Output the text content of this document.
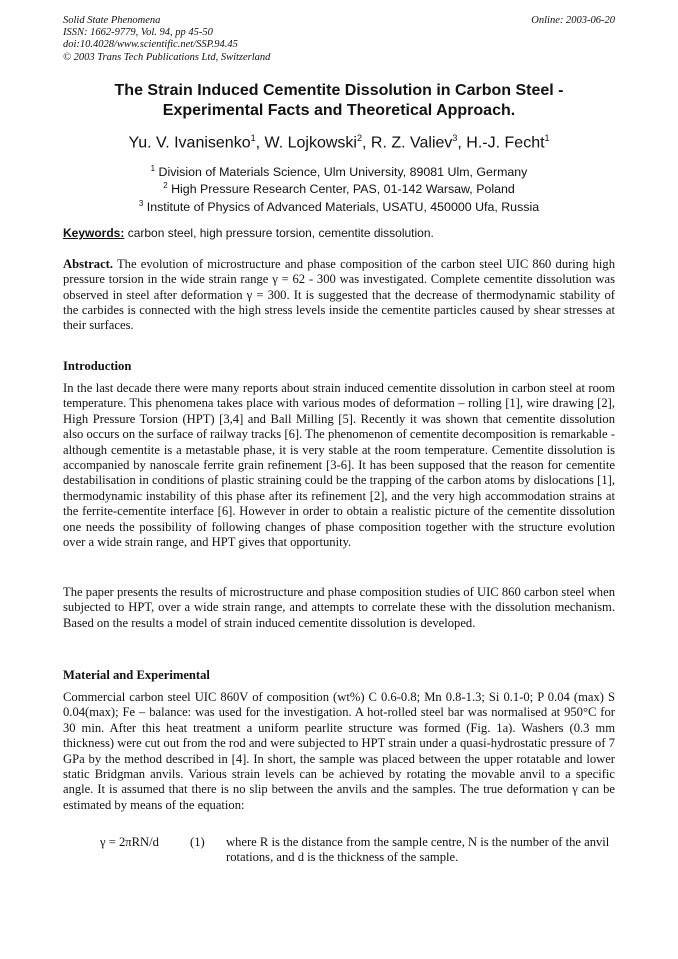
Solid State Phenomena
ISSN: 1662-9779, Vol. 94, pp 45-50
doi:10.4028/www.scientific.net/SSP.94.45
© 2003 Trans Tech Publications Ltd, Switzerland
Online: 2003-06-20
The Strain Induced Cementite Dissolution in Carbon Steel -
Experimental Facts and Theoretical Approach.
Yu. V. Ivanisenko$^1$, W. Lojkowski$^2$, R. Z. Valiev$^3$, H.-J. Fecht$^1$
$^1$ Division of Materials Science, Ulm University, 89081 Ulm, Germany
$^2$ High Pressure Research Center, PAS, 01-142 Warsaw, Poland
$^3$ Institute of Physics of Advanced Materials, USATU, 450000 Ufa, Russia
Keywords: carbon steel, high pressure torsion, cementite dissolution.
Abstract. The evolution of microstructure and phase composition of the carbon steel UIC 860 during high pressure torsion in the wide strain range γ = 62 - 300 was investigated. Complete cementite dissolution was observed in steel after deformation γ = 300. It is suggested that the decrease of thermodynamic stability of the carbides is connected with the high stress levels inside the cementite particles caused by shear stresses at their surfaces.
Introduction
In the last decade there were many reports about strain induced cementite dissolution in carbon steel at room temperature. This phenomena takes place with various modes of deformation – rolling [1], wire drawing [2], High Pressure Torsion (HPT) [3,4] and Ball Milling [5]. Recently it was shown that cementite dissolution also occurs on the surface of railway tracks [6]. The phenomenon of cementite decomposition is remarkable -although cementite is a metastable phase, it is very stable at the room temperature. Cementite dissolution is accompanied by nanoscale ferrite grain refinement [3-6]. It has been supposed that the reason for cementite destabilisation in conditions of plastic straining could be the trapping of the carbon atoms by dislocations [1], thermodynamic instability of this phase after its refinement [2], and the very high accommodation strains at the ferrite-cementite interface [6]. However in order to obtain a realistic picture of the cementite dissolution one needs the possibility of following changes of phase composition together with the structure evolution over a wide strain range, and HPT gives that opportunity.
The paper presents the results of microstructure and phase composition studies of UIC 860 carbon steel when subjected to HPT, over a wide strain range, and attempts to correlate these with the dissolution mechanism. Based on the results a model of strain induced cementite dissolution is developed.
Material and Experimental
Commercial carbon steel UIC 860V of composition (wt%) C 0.6-0.8; Mn 0.8-1.3; Si 0.1-0; P 0.04 (max) S 0.04(max); Fe – balance: was used for the investigation. A hot-rolled steel bar was normalised at 950°C for 30 min. After this heat treatment a uniform pearlite structure was formed (Fig. 1a). Washers (0.3 mm thickness) were cut out from the rod and were subjected to HPT strain under a quasi-hydrostatic pressure of 7 GPa by the method described in [4]. In short, the sample was placed between the upper rotatable and lower static Bridgman anvils. Various strain levels can be achieved by rotating the movable anvil to a specific angle. It is assumed that there is no slip between the anvils and the samples. The true deformation γ can be estimated by means of the equation:
γ = 2πRN/d (1) where R is the distance from the sample centre, N is the number of the anvil rotations, and d is the thickness of the sample.
